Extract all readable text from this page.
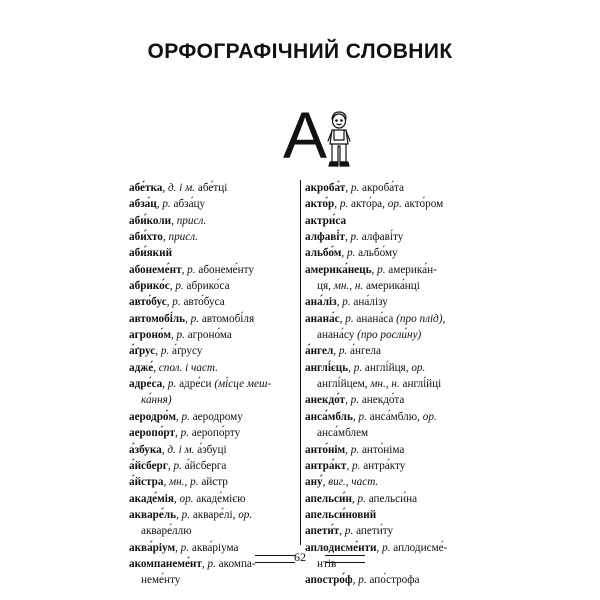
ОРФОГРАФІЧНИЙ СЛОВНИК
А

абе́тка, д. і м. абе́тці

абза́ц, р. абза́цу

аби́коли, присл.

аби́хто, присл.

аби́який

абонеме́нт, р. абонеме́нту

абрико́с, р. абрико́са

авто́бус, р. авто́буса

автомобі́ль, р. автомобі́ля

агроно́м, р. агроно́ма

а́ґрус, р. а́ґрусу

адже́, спол. і част.

адре́са, р. адре́си (мі́сце меш-
ка́ння)

аеродро́м, р. аеродрому

аеропо́рт, р. аеропо́рту

а́збука, д. і м. а́збуці

а́йсберг, р. а́йсберга

а́йстра, мн., р. айстр

акаде́мія, ор. акаде́мією

акваре́ль, р. акваре́лі, ор.
акваре́ллю

аква́ріум, р. аква́ріума

акомпанеме́нт, р. акомпа-
неме́нту

акроба́т, р. акроба́та

акто́р, р. акто́ра, ор. акто́ром

актри́са

алфаві́т, р. алфаві́ту

альбо́м, р. альбо́му

америка́нець, р. америка́н-
ця, мн., н. америка́нці

ана́ліз, р. ана́лізу

анана́с, р. анана́са (про плід),
анана́су (про росли́ну)

а́нгел, р. а́нгела

англі́єць, р. англі́йця, ор.
англі́йцем, мн., н. англі́йці

анекдо́т, р. анекдо́та

анса́мбль, р. анса́мблю, ор.
анса́мблем

анто́нім, р. анто́німа

антра́кт, р. антра́кту

ану́, виг., част.

апельси́н, р. апельси́на

апельси́новий

апети́т, р. апети́ту

аплодисме́нти, р. аплодисме́-
нтів

апостро́ф, р. апо́строфа

62
